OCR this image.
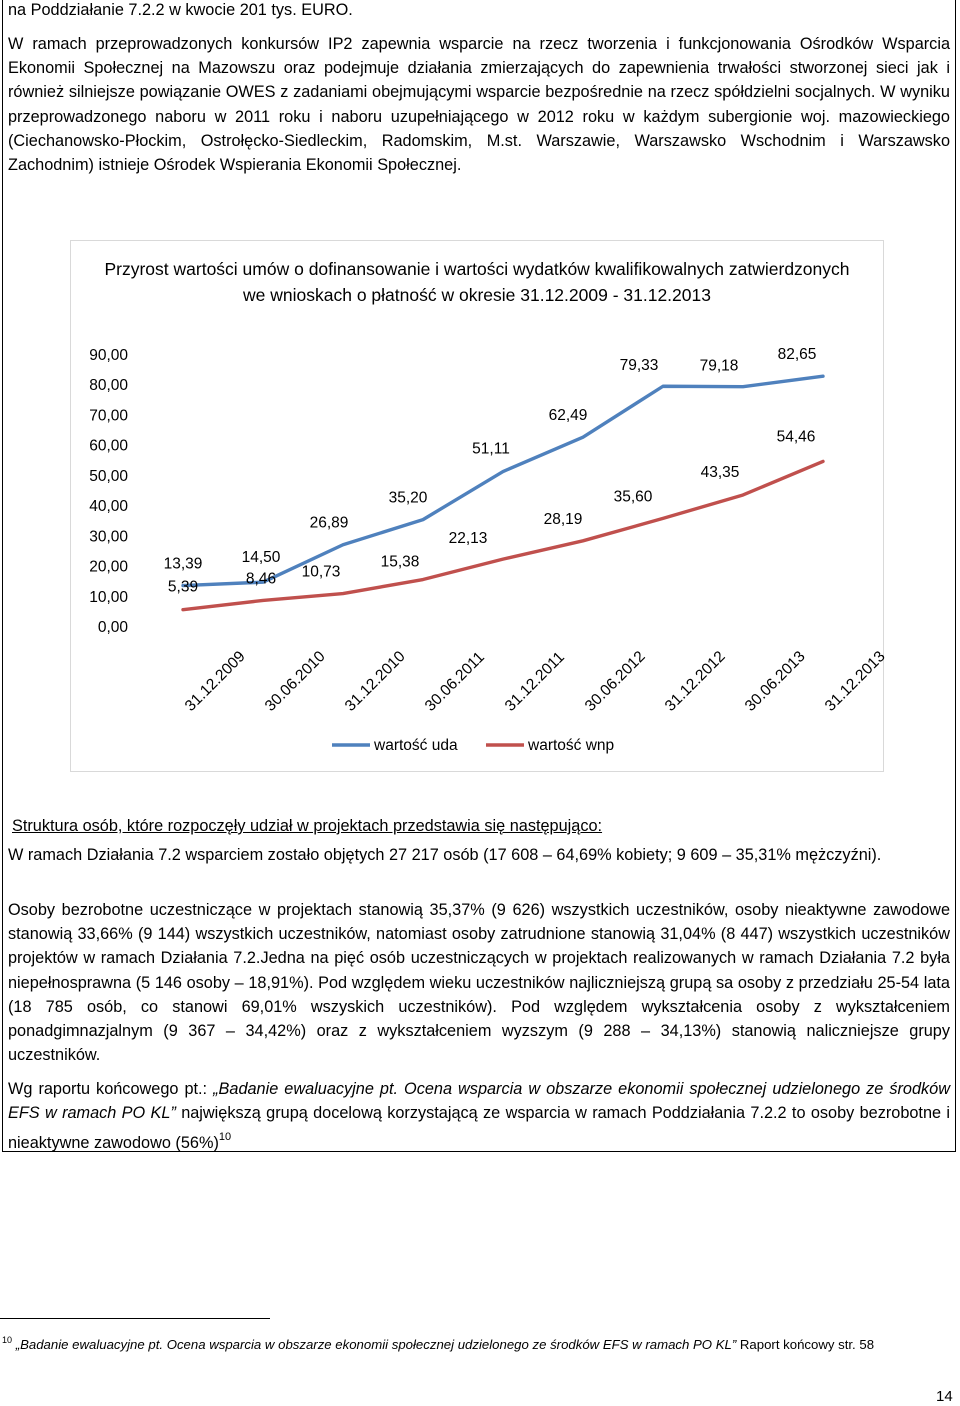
na Poddziałanie 7.2.2 w kwocie 201 tys. EURO.

W ramach przeprowadzonych konkursów IP2 zapewnia wsparcie na rzecz tworzenia i funkcjonowania Ośrodków Wsparcia Ekonomii Społecznej na Mazowszu oraz podejmuje działania zmierzających do zapewnienia trwałości stworzonej sieci jak i również silniejsze powiązanie OWES z zadaniami obejmującymi wsparcie bezpośrednie na rzecz spółdzielni socjalnych. W wyniku przeprowadzonego naboru w 2011 roku i naboru uzupełniającego w 2012 roku w każdym subergionie woj. mazowieckiego (Ciechanowsko-Płockim, Ostrołęcko-Siedleckim, Radomskim, M.st. Warszawie, Warszawsko Wschodnim i Warszawsko Zachodnim) istnieje Ośrodek Wspierania Ekonomii Społecznej.

Przyrost wartości umów o dofinansowanie i wartości wydatków kwalifikowalnych zatwierdzonych we wnioskach o płatność w okresie 31.12.2009 - 31.12.2013

0,00
10,00
20,00
30,00
40,00
50,00
60,00
70,00
80,00
90,00
31.12.2009 30.06.2010 31.12.2010 30.06.2011 31.12.2011 30.06.2012 31.12.2012 30.06.2013 31.12.2013
13,39	14,50
26,89
35,20
51,11
62,49
79,33	79,18
82,65
5,39	8,46 10,73
15,38
22,13
28,19
35,60
43,35
54,46
wartość uda	wartość wnp

Struktura osób, które rozpoczęły udział w projektach przedstawia się następująco:

W ramach Działania 7.2 wsparciem zostało objętych 27 217 osób (17 608 – 64,69% kobiety; 9 609 – 35,31% mężczyźni).

Osoby bezrobotne uczestniczące w projektach stanowią 35,37% (9 626) wszystkich uczestników, osoby nieaktywne zawodowe stanowią 33,66% (9 144) wszystkich uczestników, natomiast osoby zatrudnione stanowią 31,04% (8 447) wszystkich uczestników projektów w ramach Działania 7.2.Jedna na pięć osób uczestniczących w projektach realizowanych w ramach Działania 7.2 była niepełnosprawna (5 146 osoby – 18,91%). Pod względem wieku uczestników najliczniejszą grupą sa osoby z przedziału 25-54 lata (18 785 osób, co stanowi 69,01% wszyskich uczestników). Pod względem wykształcenia osoby z wykształceniem ponadgimnazjalnym (9 367 – 34,42%) oraz z wykształceniem wyzszym (9 288 – 34,13%) stanowią naliczniejsze grupy uczestników.

Wg raportu końcowego pt.: „Badanie ewaluacyjne pt. Ocena wsparcia w obszarze ekonomii społecznej udzielonego ze środków EFS w ramach PO KL” największą grupą docelową korzystającą ze wsparcia w ramach Poddziałania 7.2.2 to osoby bezrobotne i nieaktywne zawodowo (56%)$^{10}$

$^{10}$ „Badanie ewaluacyjne pt. Ocena wsparcia w obszarze ekonomii społecznej udzielonego ze środków EFS w ramach PO KL” Raport końcowy str. 58

14
